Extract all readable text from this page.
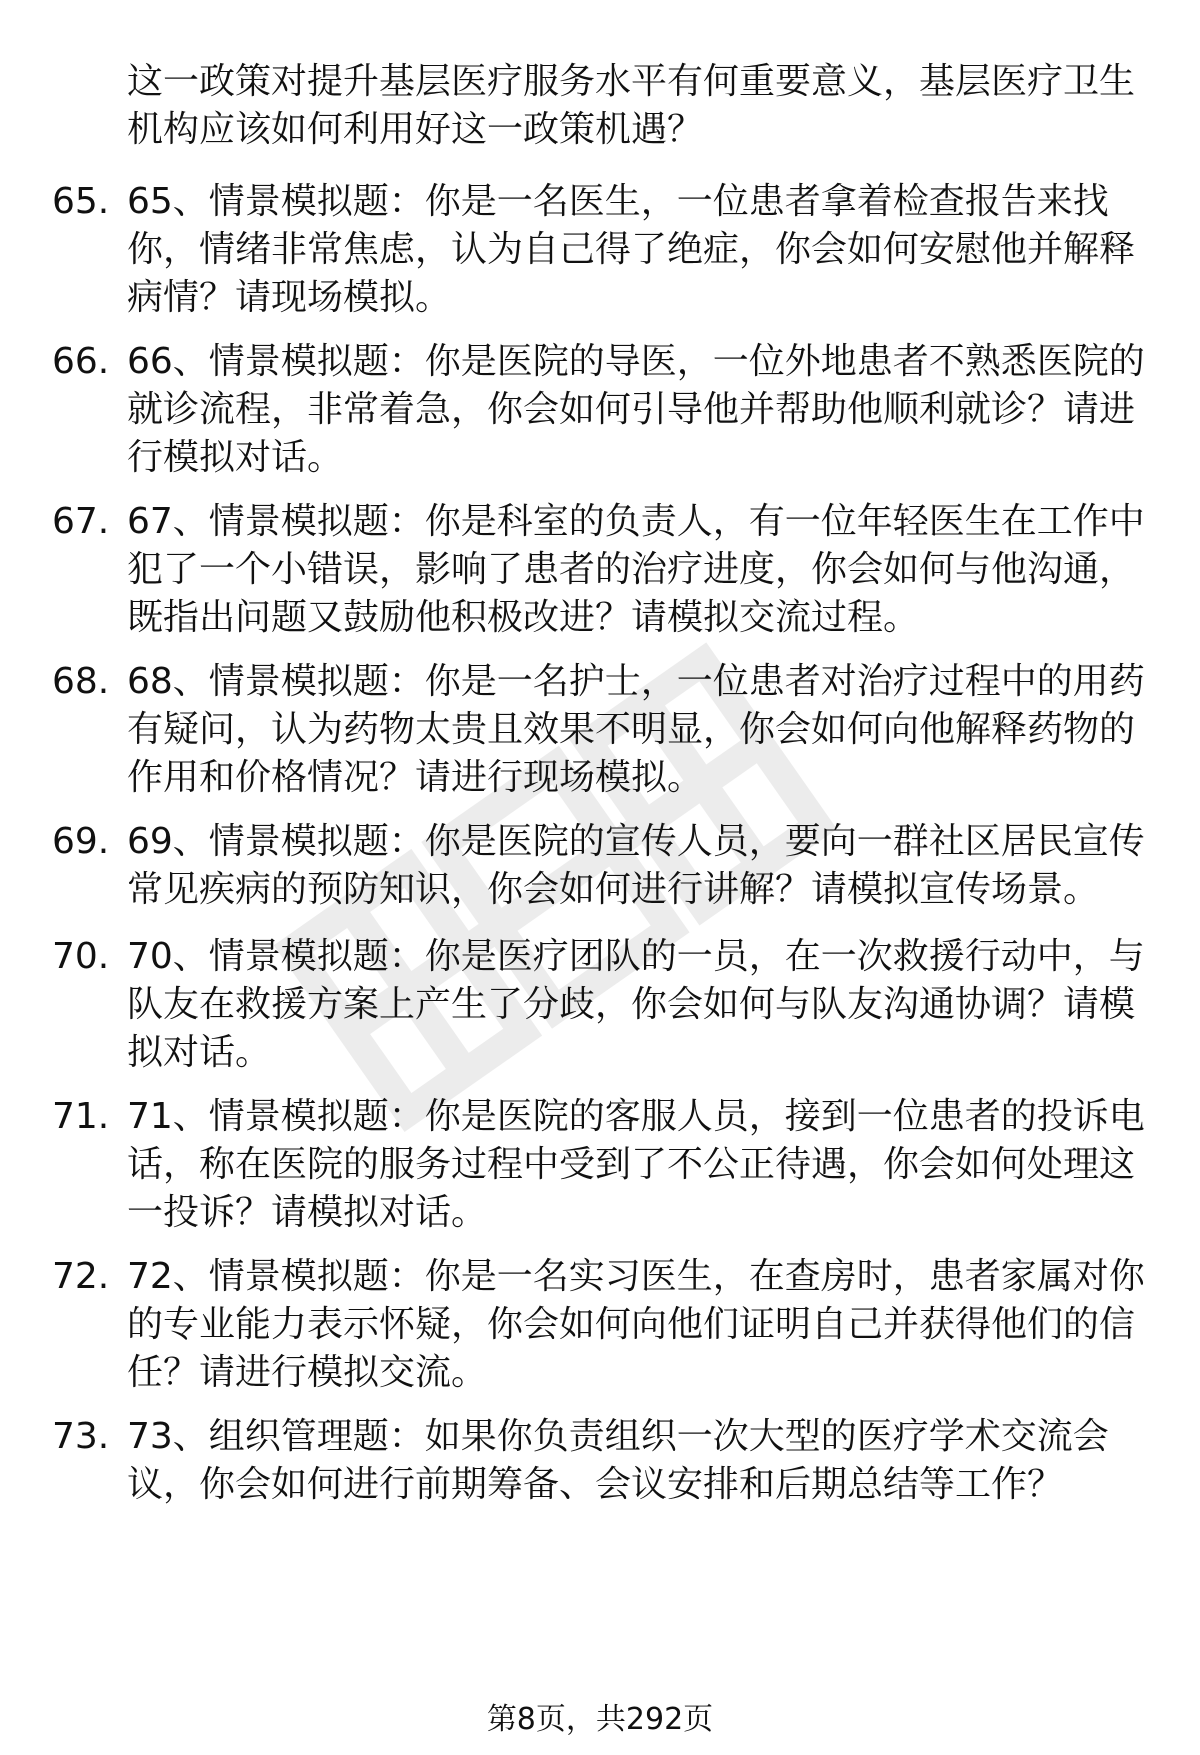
这一政策对提升基层医疗服务水平有何重要意义，基层医疗卫生机构应该如何利用好这一政策机遇？

65. 65、情景模拟题：你是一名医生，一位患者拿着检查报告来找你，情绪非常焦虑，认为自己得了绝症，你会如何安慰他并解释病情？请现场模拟。

66. 66、情景模拟题：你是医院的导医，一位外地患者不熟悉医院的就诊流程，非常着急，你会如何引导他并帮助他顺利就诊？请进行模拟对话。

67. 67、情景模拟题：你是科室的负责人，有一位年轻医生在工作中犯了一个小错误，影响了患者的治疗进度，你会如何与他沟通，既指出问题又鼓励他积极改进？请模拟交流过程。

68. 68、情景模拟题：你是一名护士，一位患者对治疗过程中的用药有疑问，认为药物太贵且效果不明显，你会如何向他解释药物的作用和价格情况？请进行现场模拟。

69. 69、情景模拟题：你是医院的宣传人员，要向一群社区居民宣传常见疾病的预防知识，你会如何进行讲解？请模拟宣传场景。

70. 70、情景模拟题：你是医疗团队的一员，在一次救援行动中，与队友在救援方案上产生了分歧，你会如何与队友沟通协调？请模拟对话。

71. 71、情景模拟题：你是医院的客服人员，接到一位患者的投诉电话，称在医院的服务过程中受到了不公正待遇，你会如何处理这一投诉？请模拟对话。

72. 72、情景模拟题：你是一名实习医生，在查房时，患者家属对你的专业能力表示怀疑，你会如何向他们证明自己并获得他们的信任？请进行模拟交流。

73. 73、组织管理题：如果你负责组织一次大型的医疗学术交流会议，你会如何进行前期筹备、会议安排和后期总结等工作？

第8页，共292页
